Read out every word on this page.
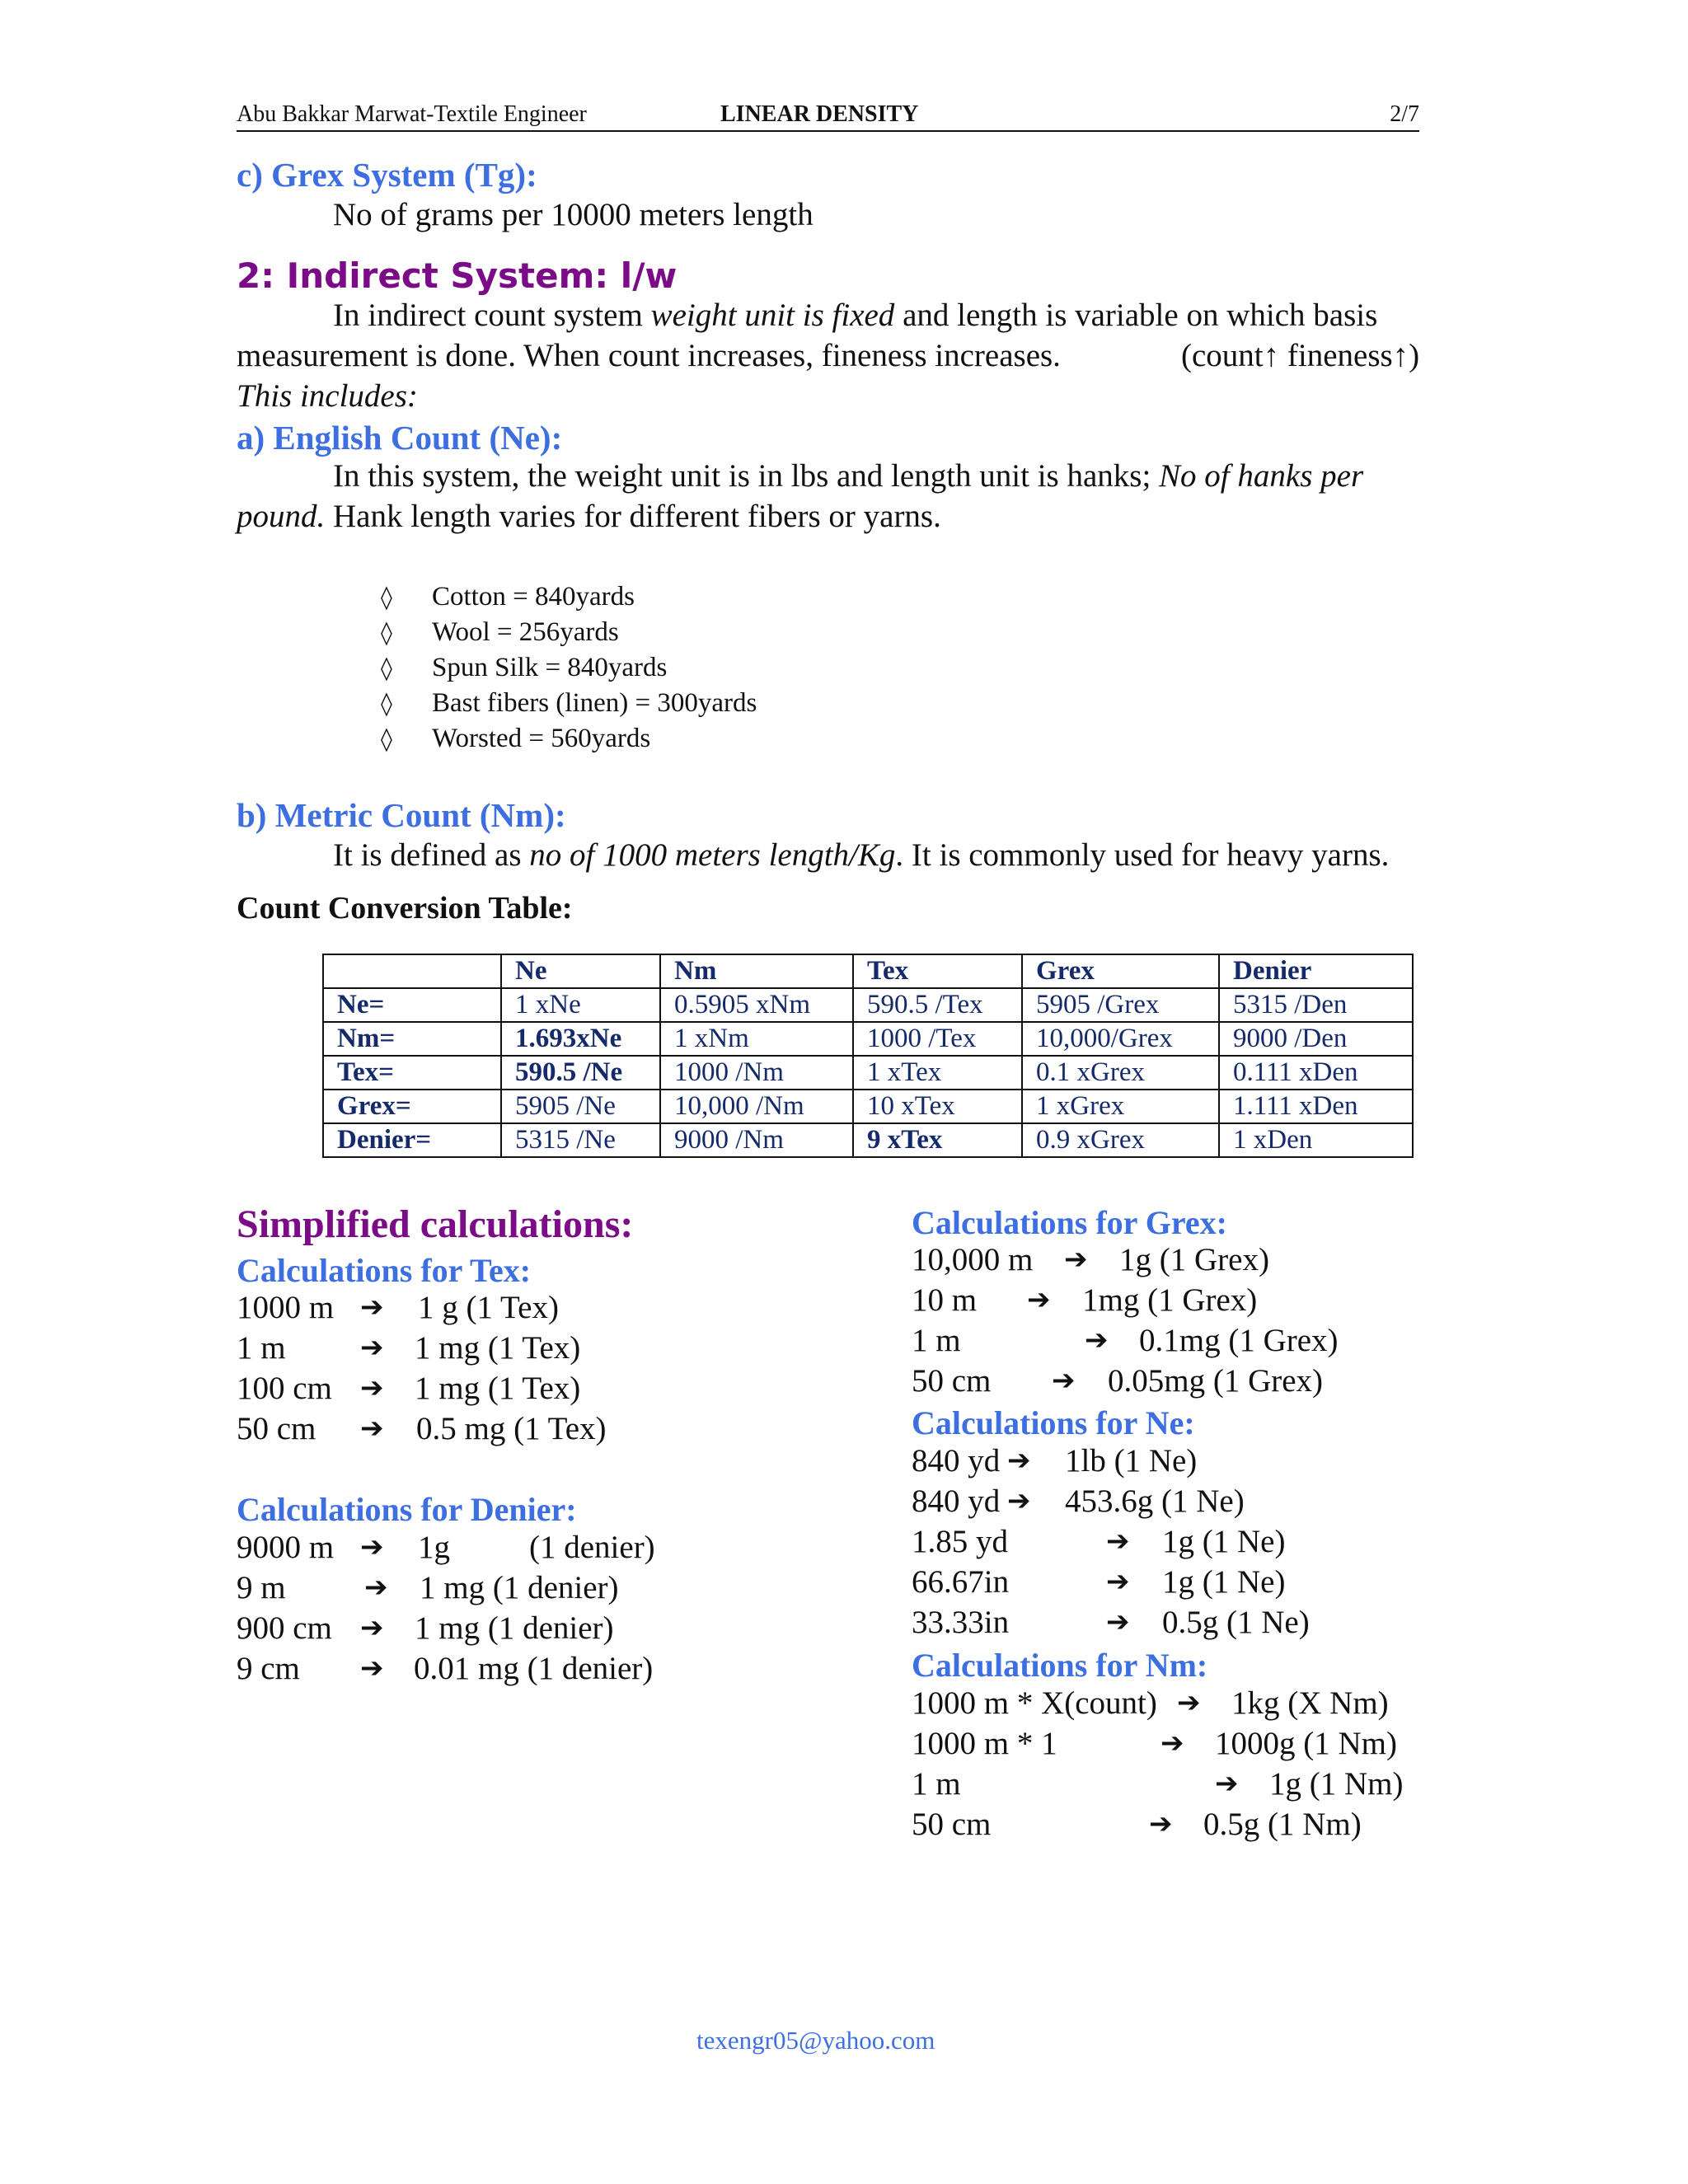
Abu Bakkar Marwat-Textile Engineer	LINEAR DENSITY	2/7
c) Grex System (Tg):
No of grams per 10000 meters length
2: Indirect System: l/w
In indirect count system weight unit is fixed and length is variable on which basis
measurement is done. When count increases, fineness increases.	(count↑ fineness↑)
This includes:
a) English Count (Ne):
In this system, the weight unit is in lbs and length unit is hanks; No of hanks per
pound. Hank length varies for different fibers or yarns.
◊ Cotton = 840yards
◊ Wool = 256yards
◊ Spun Silk = 840yards
◊ Bast fibers (linen) = 300yards
◊ Worsted = 560yards
b) Metric Count (Nm):
It is defined as no of 1000 meters length/Kg. It is commonly used for heavy yarns.
Count Conversion Table:
	Ne	Nm	Tex	Grex	Denier
Ne=	1 xNe	0.5905 xNm	590.5 /Tex	5905 /Grex	5315 /Den
Nm=	1.693xNe	1 xNm	1000 /Tex	10,000/Grex	9000 /Den
Tex=	590.5 /Ne	1000 /Nm	1 xTex	0.1 xGrex	0.111 xDen
Grex=	5905 /Ne	10,000 /Nm	10 xTex	1 xGrex	1.111 xDen
Denier=	5315 /Ne	9000 /Nm	9 xTex	0.9 xGrex	1 xDen
Simplified calculations:
Calculations for Tex:
1000 m ➔ 1 g (1 Tex)
1 m	➔ 1 mg (1 Tex)
100 cm ➔ 1 mg (1 Tex)
50 cm ➔ 0.5 mg (1 Tex)
Calculations for Denier:
9000 m ➔ 1g (1 denier)
9 m	➔ 1 mg (1 denier)
900 cm ➔ 1 mg (1 denier)
9 cm ➔ 0.01 mg (1 denier)
Calculations for Grex:
10,000 m ➔ 1g (1 Grex)
10 m ➔ 1mg (1 Grex)
1 m	➔ 0.1mg (1 Grex)
50 cm ➔ 0.05mg (1 Grex)
Calculations for Ne:
840 yd ➔ 1lb (1 Ne)
840 yd ➔ 453.6g (1 Ne)
1.85 yd	➔ 1g (1 Ne)
66.67in	➔ 1g (1 Ne)
33.33in	➔ 0.5g (1 Ne)
Calculations for Nm:
1000 m * X(count) ➔ 1kg (X Nm)
1000 m * 1	➔ 1000g (1 Nm)
1 m	➔ 1g (1 Nm)
50 cm	➔ 0.5g (1 Nm)
texengr05@yahoo.com
